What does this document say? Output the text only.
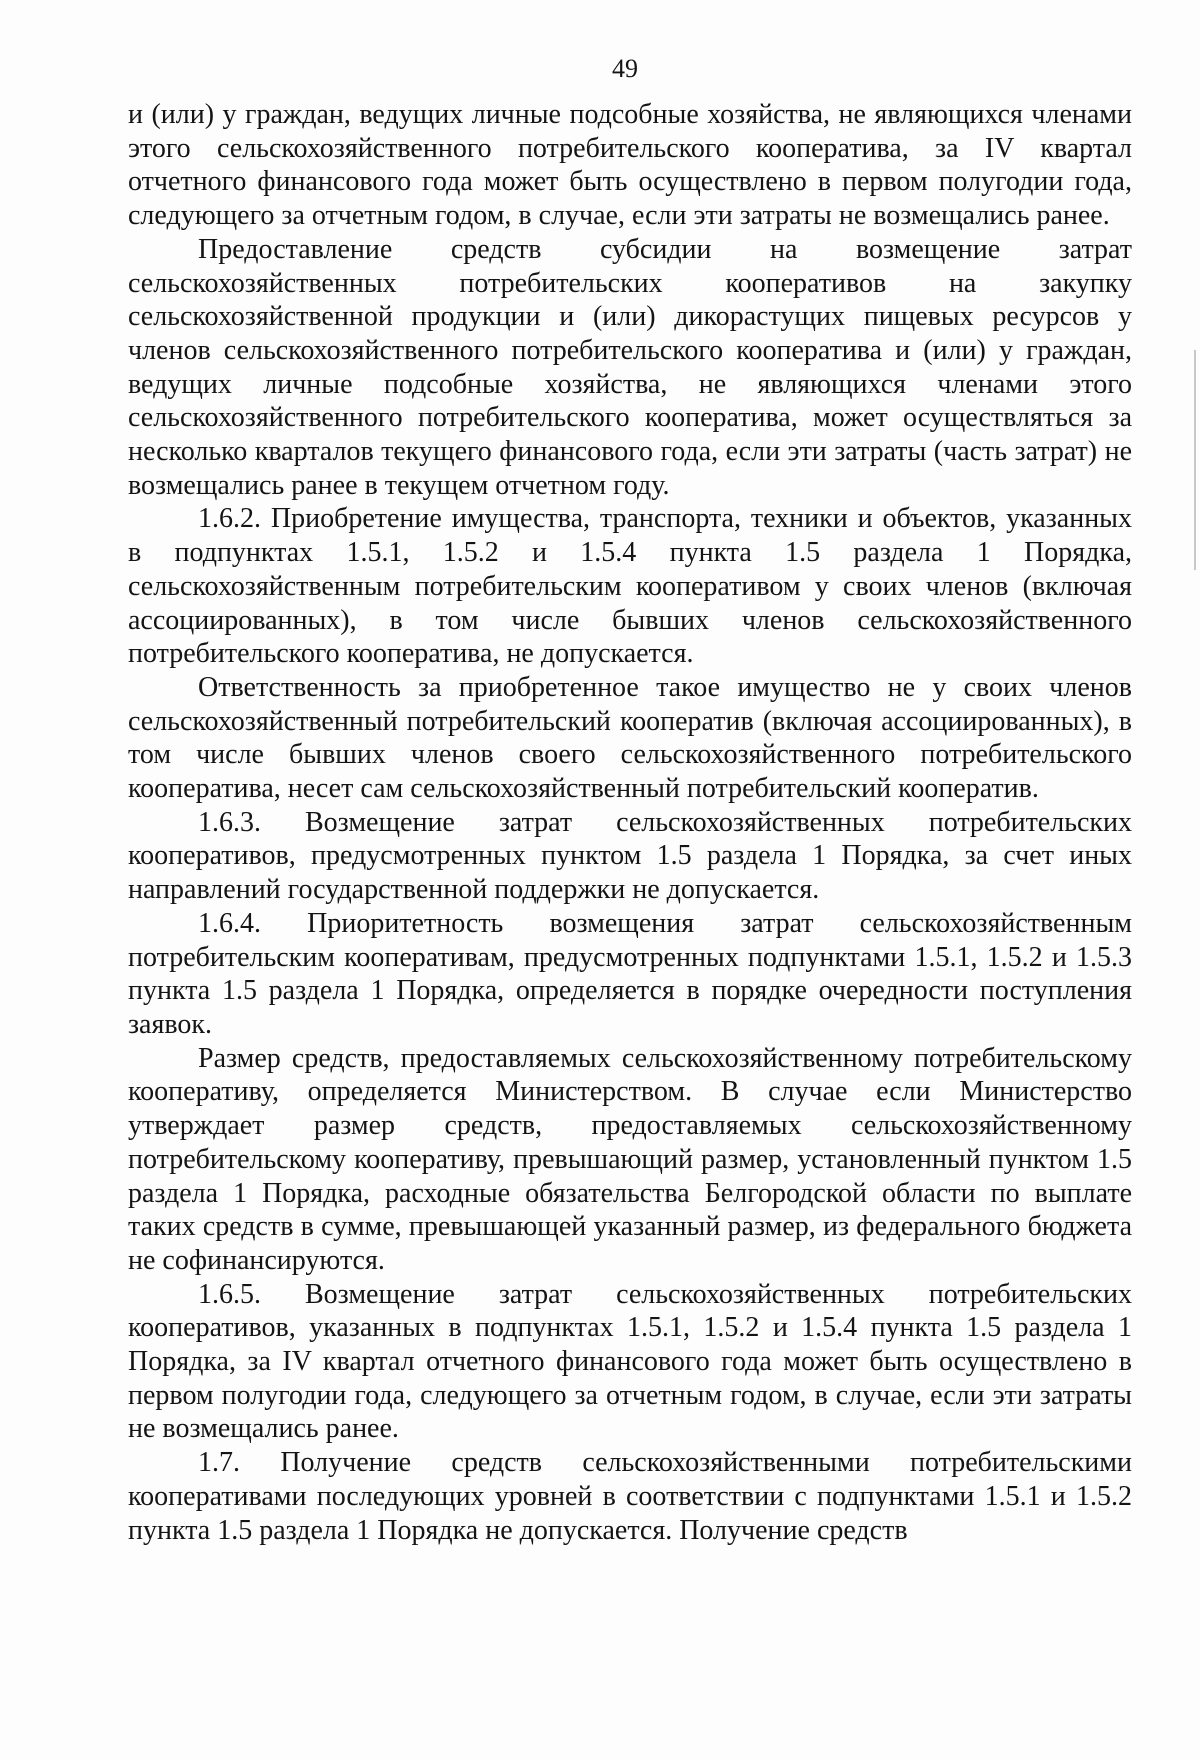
49

и (или) у граждан, ведущих личные подсобные хозяйства, не являющихся членами этого сельскохозяйственного потребительского кооператива, за IV квартал отчетного финансового года может быть осуществлено в первом полугодии года, следующего за отчетным годом, в случае, если эти затраты не возмещались ранее.

Предоставление средств субсидии на возмещение затрат сельскохозяйственных потребительских кооперативов на закупку сельскохозяйственной продукции и (или) дикорастущих пищевых ресурсов у членов сельскохозяйственного потребительского кооператива и (или) у граждан, ведущих личные подсобные хозяйства, не являющихся членами этого сельскохозяйственного потребительского кооператива, может осуществляться за несколько кварталов текущего финансового года, если эти затраты (часть затрат) не возмещались ранее в текущем отчетном году.

1.6.2. Приобретение имущества, транспорта, техники и объектов, указанных в подпунктах 1.5.1, 1.5.2 и 1.5.4 пункта 1.5 раздела 1 Порядка, сельскохозяйственным потребительским кооперативом у своих членов (включая ассоциированных), в том числе бывших членов сельскохозяйственного потребительского кооператива, не допускается.

Ответственность за приобретенное такое имущество не у своих членов сельскохозяйственный потребительский кооператив (включая ассоциированных), в том числе бывших членов своего сельскохозяйственного потребительского кооператива, несет сам сельскохозяйственный потребительский кооператив.

1.6.3. Возмещение затрат сельскохозяйственных потребительских кооперативов, предусмотренных пунктом 1.5 раздела 1 Порядка, за счет иных направлений государственной поддержки не допускается.

1.6.4. Приоритетность возмещения затрат сельскохозяйственным потребительским кооперативам, предусмотренных подпунктами 1.5.1, 1.5.2 и 1.5.3 пункта 1.5 раздела 1 Порядка, определяется в порядке очередности поступления заявок.

Размер средств, предоставляемых сельскохозяйственному потребительскому кооперативу, определяется Министерством. В случае если Министерство утверждает размер средств, предоставляемых сельскохозяйственному потребительскому кооперативу, превышающий размер, установленный пунктом 1.5 раздела 1 Порядка, расходные обязательства Белгородской области по выплате таких средств в сумме, превышающей указанный размер, из федерального бюджета не софинансируются.

1.6.5. Возмещение затрат сельскохозяйственных потребительских кооперативов, указанных в подпунктах 1.5.1, 1.5.2 и 1.5.4 пункта 1.5 раздела 1 Порядка, за IV квартал отчетного финансового года может быть осуществлено в первом полугодии года, следующего за отчетным годом, в случае, если эти затраты не возмещались ранее.

1.7. Получение средств сельскохозяйственными потребительскими кооперативами последующих уровней в соответствии с подпунктами 1.5.1 и 1.5.2 пункта 1.5 раздела 1 Порядка не допускается. Получение средств
